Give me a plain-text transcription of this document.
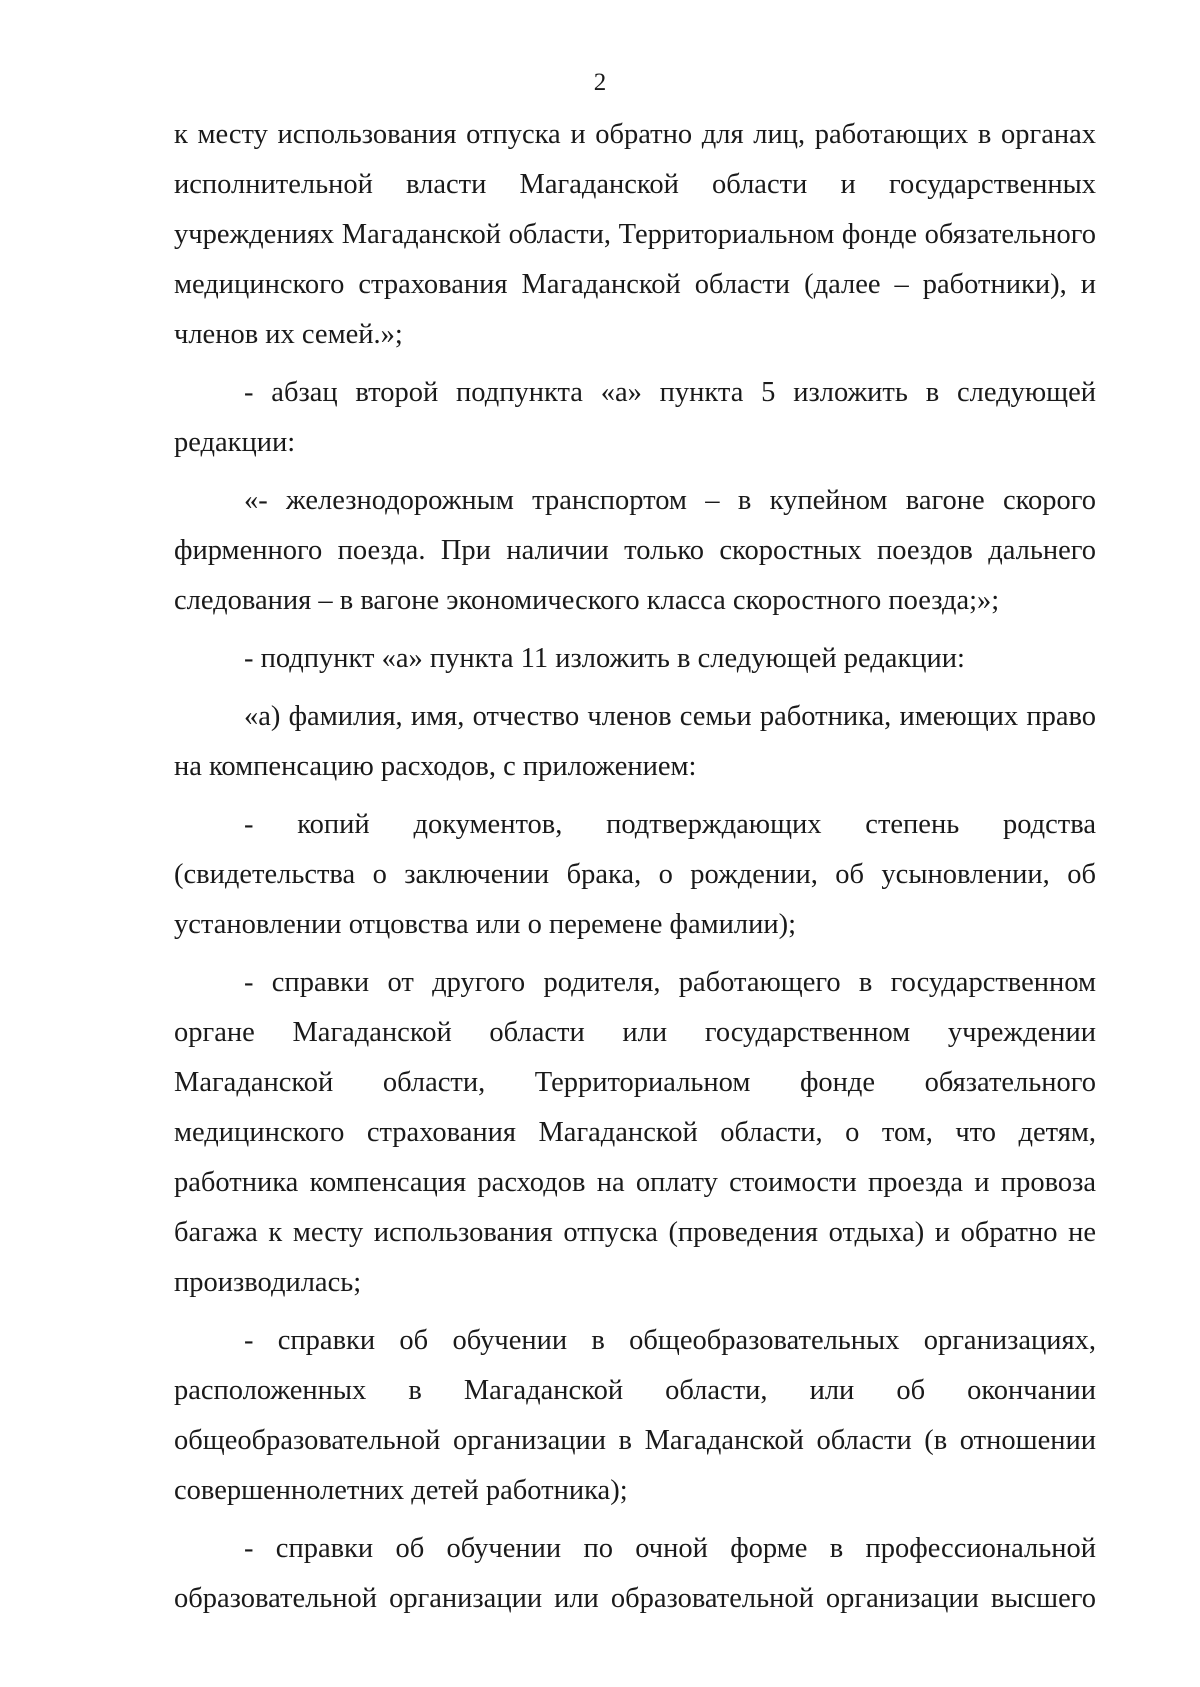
2

к месту использования отпуска и обратно для лиц, работающих в органах исполнительной власти Магаданской области и государственных учреждениях Магаданской области, Территориальном фонде обязательного медицинского страхования Магаданской области (далее – работники), и членов их семей.»;

- абзац второй подпункта «а» пункта 5 изложить в следующей редакции:

«- железнодорожным транспортом – в купейном вагоне скорого фирменного поезда. При наличии только скоростных поездов дальнего следования – в вагоне экономического класса скоростного поезда;»;

- подпункт «а» пункта 11 изложить в следующей редакции:

«а) фамилия, имя, отчество членов семьи работника, имеющих право на компенсацию расходов, с приложением:

- копий документов, подтверждающих степень родства (свидетельства о заключении брака, о рождении, об усыновлении, об установлении отцовства или о перемене фамилии);

- справки от другого родителя, работающего в государственном органе Магаданской области или государственном учреждении Магаданской области, Территориальном фонде обязательного медицинского страхования Магаданской области, о том, что детям, работника компенсация расходов на оплату стоимости проезда и провоза багажа к месту использования отпуска (проведения отдыха) и обратно не производилась;

- справки об обучении в общеобразовательных организациях, расположенных в Магаданской области, или об окончании общеобразовательной организации в Магаданской области (в отношении совершеннолетних детей работника);

- справки об обучении по очной форме в профессиональной образовательной организации или образовательной организации высшего
